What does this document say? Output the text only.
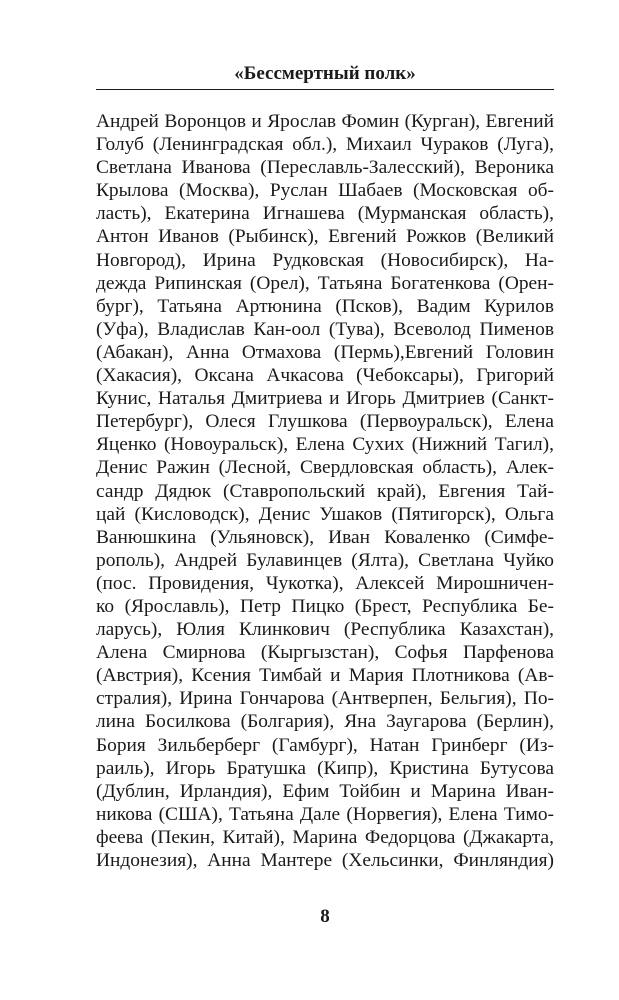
«Бессмертный полк»
Андрей Воронцов и Ярослав Фомин (Курган), Евгений
Голуб (Ленинградская обл.), Михаил Чураков (Луга),
Светлана Иванова (Переславль-Залесский), Вероника
Крылова (Москва), Руслан Шабаев (Московская об-
ласть), Екатерина Игнашева (Мурманская область),
Антон Иванов (Рыбинск), Евгений Рожков (Великий
Новгород), Ирина Рудковская (Новосибирск), На-
дежда Рипинская (Орел), Татьяна Богатенкова (Орен-
бург), Татьяна Артюнина (Псков), Вадим Курилов
(Уфа), Владислав Кан-оол (Тува), Всеволод Пименов
(Абакан), Анна Отмахова (Пермь),Евгений Головин
(Хакасия), Оксана Ачкасова (Чебоксары), Григорий
Кунис, Наталья Дмитриева и Игорь Дмитриев (Санкт-
Петербург), Олеся Глушкова (Первоуральск), Елена
Яценко (Новоуральск), Елена Сухих (Нижний Тагил),
Денис Ражин (Лесной, Свердловская область), Алек-
сандр Дядюк (Ставропольский край), Евгения Тай-
цай (Кисловодск), Денис Ушаков (Пятигорск), Ольга
Ванюшкина (Ульяновск), Иван Коваленко (Симфе-
рополь), Андрей Булавинцев (Ялта), Светлана Чуйко
(пос. Провидения, Чукотка), Алексей Мирошничен-
ко (Ярославль), Петр Пицко (Брест, Республика Бе-
ларусь), Юлия Клинкович (Республика Казахстан),
Алена Смирнова (Кыргызстан), Софья Парфенова
(Австрия), Ксения Тимбай и Мария Плотникова (Ав-
стралия), Ирина Гончарова (Антверпен, Бельгия), По-
лина Босилкова (Болгария), Яна Заугарова (Берлин),
Бория Зильберберг (Гамбург), Натан Гринберг (Из-
раиль), Игорь Братушка (Кипр), Кристина Бутусова
(Дублин, Ирландия), Ефим Тойбин и Марина Иван-
никова (США), Татьяна Дале (Норвегия), Елена Тимо-
феева (Пекин, Китай), Марина Федорцова (Джакарта,
Индонезия), Анна Мантере (Хельсинки, Финляндия)
8
